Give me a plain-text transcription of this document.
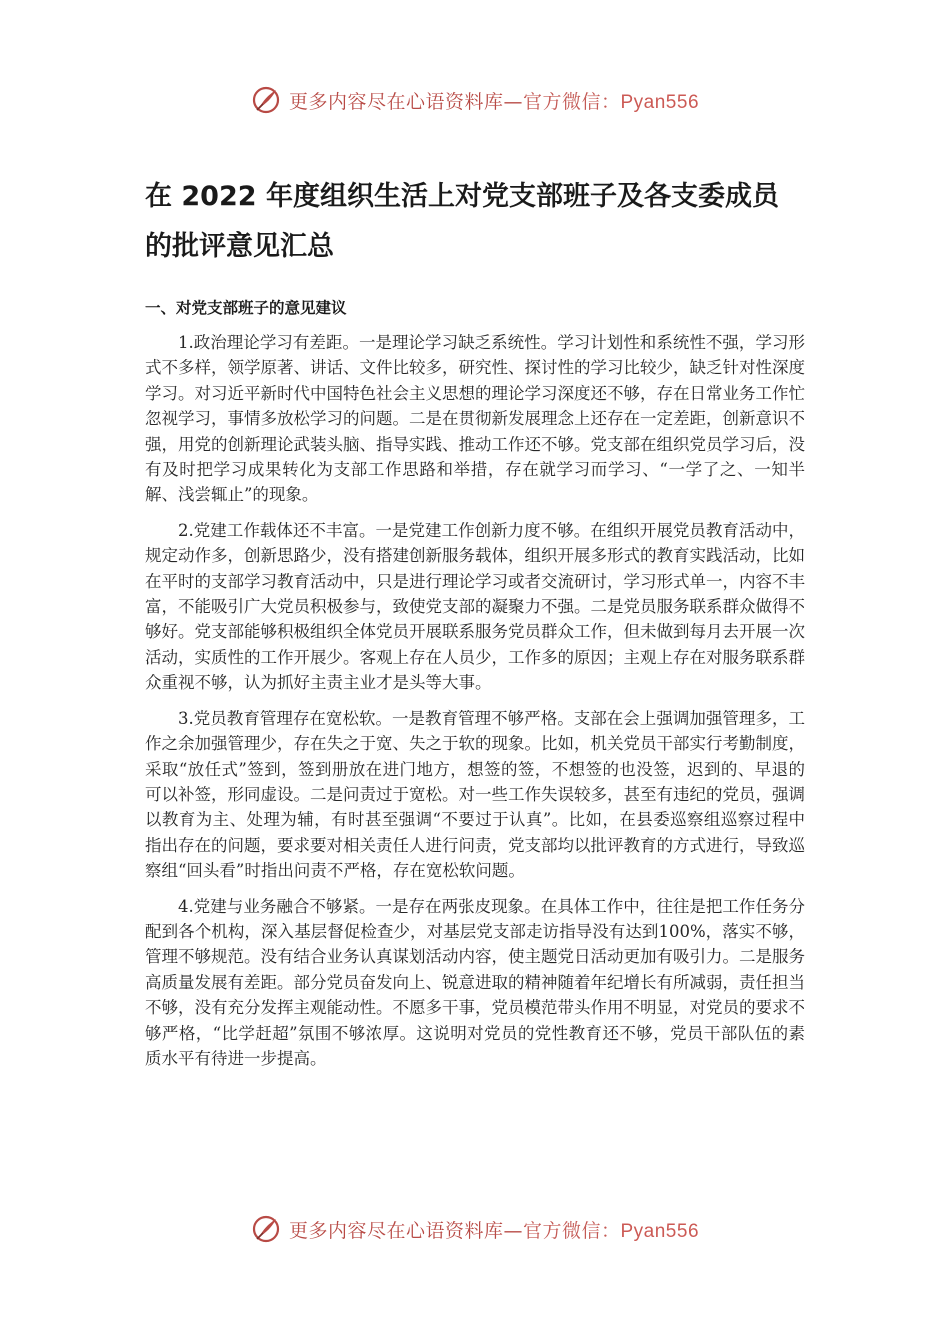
更多内容尽在心语资料库—官方微信：Pyan556
在 2022 年度组织生活上对党支部班子及各支委成员的批评意见汇总
一、对党支部班子的意见建议

1.政治理论学习有差距。一是理论学习缺乏系统性。学习计划性和系统性不强，学习形式不多样，领学原著、讲话、文件比较多，研究性、探讨性的学习比较少，缺乏针对性深度学习。对习近平新时代中国特色社会主义思想的理论学习深度还不够，存在日常业务工作忙忽视学习，事情多放松学习的问题。二是在贯彻新发展理念上还存在一定差距，创新意识不强，用党的创新理论武装头脑、指导实践、推动工作还不够。党支部在组织党员学习后，没有及时把学习成果转化为支部工作思路和举措，存在就学习而学习、“一学了之、一知半解、浅尝辄止”的现象。

2.党建工作载体还不丰富。一是党建工作创新力度不够。在组织开展党员教育活动中，规定动作多，创新思路少，没有搭建创新服务载体，组织开展多形式的教育实践活动，比如在平时的支部学习教育活动中，只是进行理论学习或者交流研讨，学习形式单一，内容不丰富，不能吸引广大党员积极参与，致使党支部的凝聚力不强。二是党员服务联系群众做得不够好。党支部能够积极组织全体党员开展联系服务党员群众工作，但未做到每月去开展一次活动，实质性的工作开展少。客观上存在人员少，工作多的原因；主观上存在对服务联系群众重视不够，认为抓好主责主业才是头等大事。

3.党员教育管理存在宽松软。一是教育管理不够严格。支部在会上强调加强管理多，工作之余加强管理少，存在失之于宽、失之于软的现象。比如，机关党员干部实行考勤制度，采取“放任式”签到，签到册放在进门地方，想签的签，不想签的也没签，迟到的、早退的可以补签，形同虚设。二是问责过于宽松。对一些工作失误较多，甚至有违纪的党员，强调以教育为主、处理为辅，有时甚至强调“不要过于认真”。比如，在县委巡察组巡察过程中指出存在的问题，要求要对相关责任人进行问责，党支部均以批评教育的方式进行，导致巡察组“回头看”时指出问责不严格，存在宽松软问题。

4.党建与业务融合不够紧。一是存在两张皮现象。在具体工作中，往往是把工作任务分配到各个机构，深入基层督促检查少，对基层党支部走访指导没有达到100%，落实不够，管理不够规范。没有结合业务认真谋划活动内容，使主题党日活动更加有吸引力。二是服务高质量发展有差距。部分党员奋发向上、锐意进取的精神随着年纪增长有所减弱，责任担当不够，没有充分发挥主观能动性。不愿多干事，党员模范带头作用不明显，对党员的要求不够严格，“比学赶超”氛围不够浓厚。这说明对党员的党性教育还不够，党员干部队伍的素质水平有待进一步提高。

更多内容尽在心语资料库—官方微信：Pyan556
